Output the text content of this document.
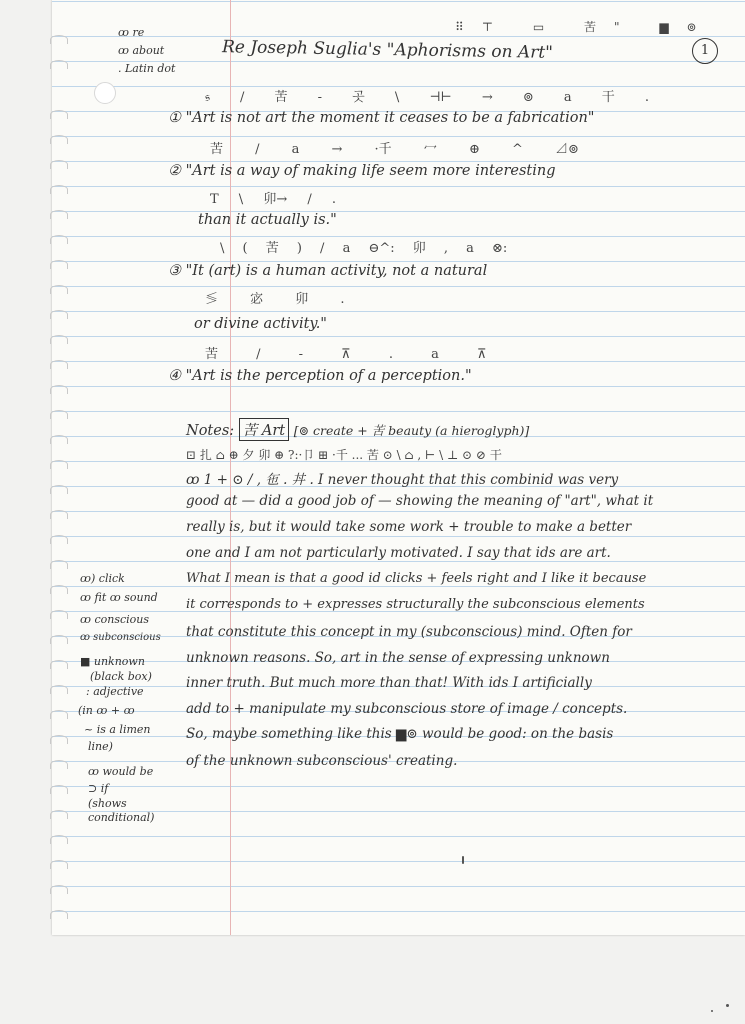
ꝏ re
ꝏ about
. Latin dot
⠿⊤ ▭ 苦" ▆⊚
Re Joseph Suglia's "Aphorisms on Art"	1
𝔰 / 苦 - 곳 \ ⊣⊢ → ⊚ a 干 .
① "Art is not art the moment it ceases to be a fabrication"
苦 / a → ·千 冖 ⊕ ^ ⊿⊚
② "Art is a way of making life seem more interesting
T \ 卯→ / .
than it actually is."
\ ( 苦 ) / a ⊖^: 卯 , a ⊗:
③ "It (art) is a human activity, not a natural
≶ 宓 卯 .
or divine activity."
苦 / - ⊼ . a ⊼
④ "Art is the perception of a perception."
Notes: 苦 Art [⊚ create + 苦 beauty (a hieroglyph)]
⊡ 扎 ⌂ ⊕ 夕 卯 ⊕ ?:·卩 ⊞ ·千 ... 苦 ⊙ \ ⌂ , ⊢ \ ⊥ ⊙ ⊘ 干
ꝏ 1 + ⊙ / , 㐌 . 丼 . I never thought that this combinid was very
good at — did a good job of — showing the meaning of "art", what it
really is, but it would take some work + trouble to make a better
one and I am not particularly motivated. I say that ids are art.
What I mean is that a good id clicks + feels right and I like it because
it corresponds to + expresses structurally the subconscious elements
that constitute this concept in my (subconscious) mind. Often for
unknown reasons. So, art in the sense of expressing unknown
inner truth. But much more than that! With ids I artificially
add to + manipulate my subconscious store of image / concepts.
So, maybe something like this ▆⊚ would be good: on the basis
of the unknown subconscious' creating.
ꝏ) click
ꝏ fit ꝏ sound
ꝏ conscious
ꝏ subconscious
■ unknown
(black box)
: adjective
(in ꝏ + ꝏ
~ is a limen
line)
ꝏ would be
⊃ if
(shows
conditional)
